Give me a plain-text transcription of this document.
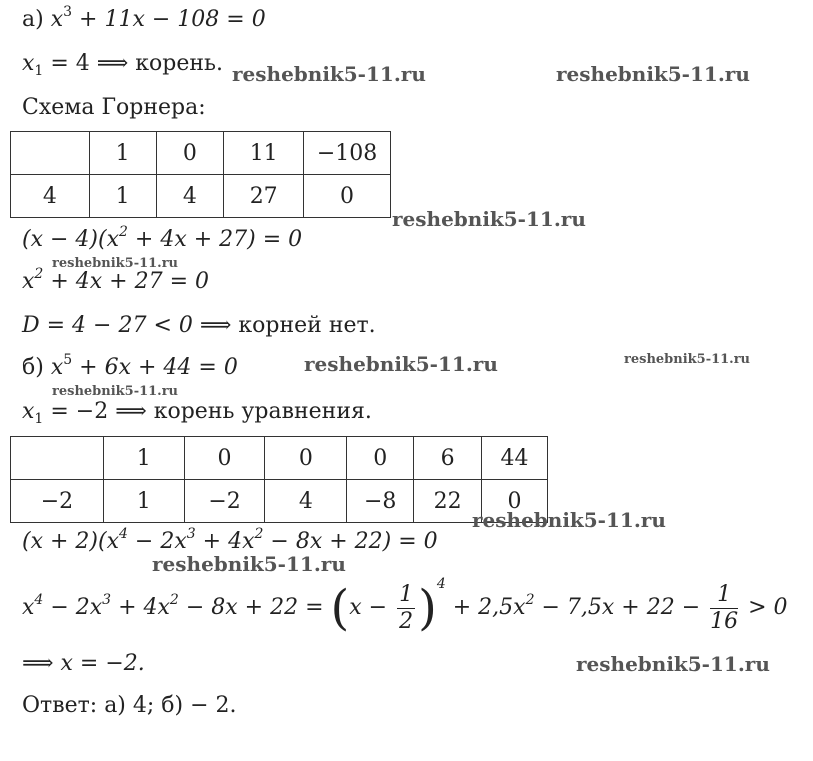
а) $x^3 + 11x - 108 = 0$
$x_1 = 4$ ⟹ корень.
Схема Горнера:
	1	0	11	−108
4	1	4	27	0
$(x - 4)(x^2 + 4x + 27) = 0$
$x^2 + 4x + 27 = 0$
D = 4 − 27 < 0 ⟹ корней нет.
б) $x^5 + 6x + 44 = 0$
$x_1 = -2$ ⟹ корень уравнения.
	1	0	0	0	6	44
−2	1	−2	4	−8	22	0
$(x + 2)(x^4 - 2x^3 + 4x^2 - 8x + 22) = 0$
$x^4 - 2x^3 + 4x^2 - 8x + 22 = (x - \frac{1}{2} )^4 + 2,5x^2 - 7,5x + 22 - \frac{1}{16} > 0$
⟹ x = −2.
Ответ: а) 4; б) − 2.
reshebnik5-11.ru	reshebnik5-11.ru
reshebnik5-11.ru
reshebnik5-11.ru
reshebnik5-11.ru	reshebnik5-11.ru
reshebnik5-11.ru
reshebnik5-11.ru
reshebnik5-11.ru
reshebnik5-11.ru
